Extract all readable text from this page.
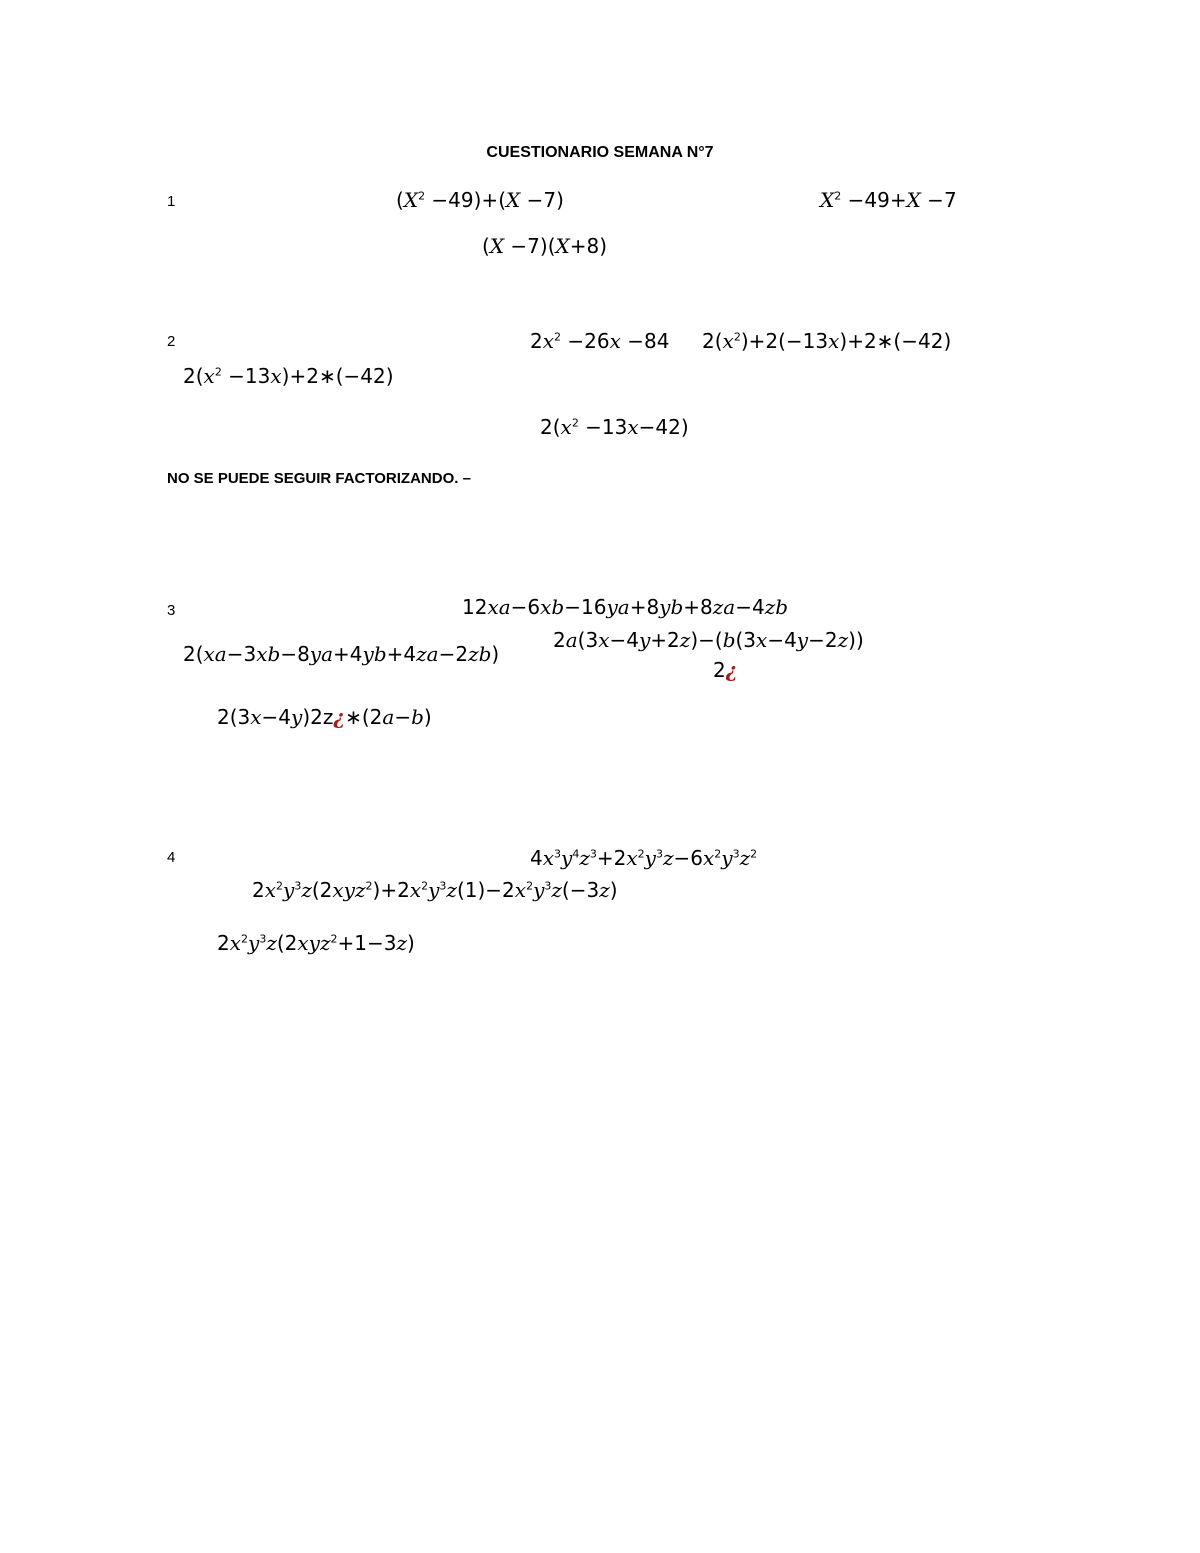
CUESTIONARIO SEMANA N°7
1	$(X^2 -49)+(X -7)$	$X^2 -49+X -7$
(X −7)(X+8)
2	$2x^2 -26x -84$ $2(x^2)+2(-13x)+2∗(-42)$
$2(x^2$ −13x)+2∗(−42)
$2(x^2 -13x-42)$
NO SE PUEDE SEGUIR FACTORIZANDO. –
3	12xa−6xb−16ya+8yb+8za−4zb
2a(3x−4y+2z)−(b(3x−4y−2z))
2(xa−3xb−8ya+4yb+4za−2zb)
2¿
2(3x−4y)2z¿∗(2a−b)
4	$4x^3y^4z^3+2x^2y^3z-6x^2y^3z^2$
$2x^2y^3z(2xyz^2)+2x^2y^3z(1)-2x^2y^3z(-3z)$
$2x^2y^3z(2xyz^2+1-3z)$
